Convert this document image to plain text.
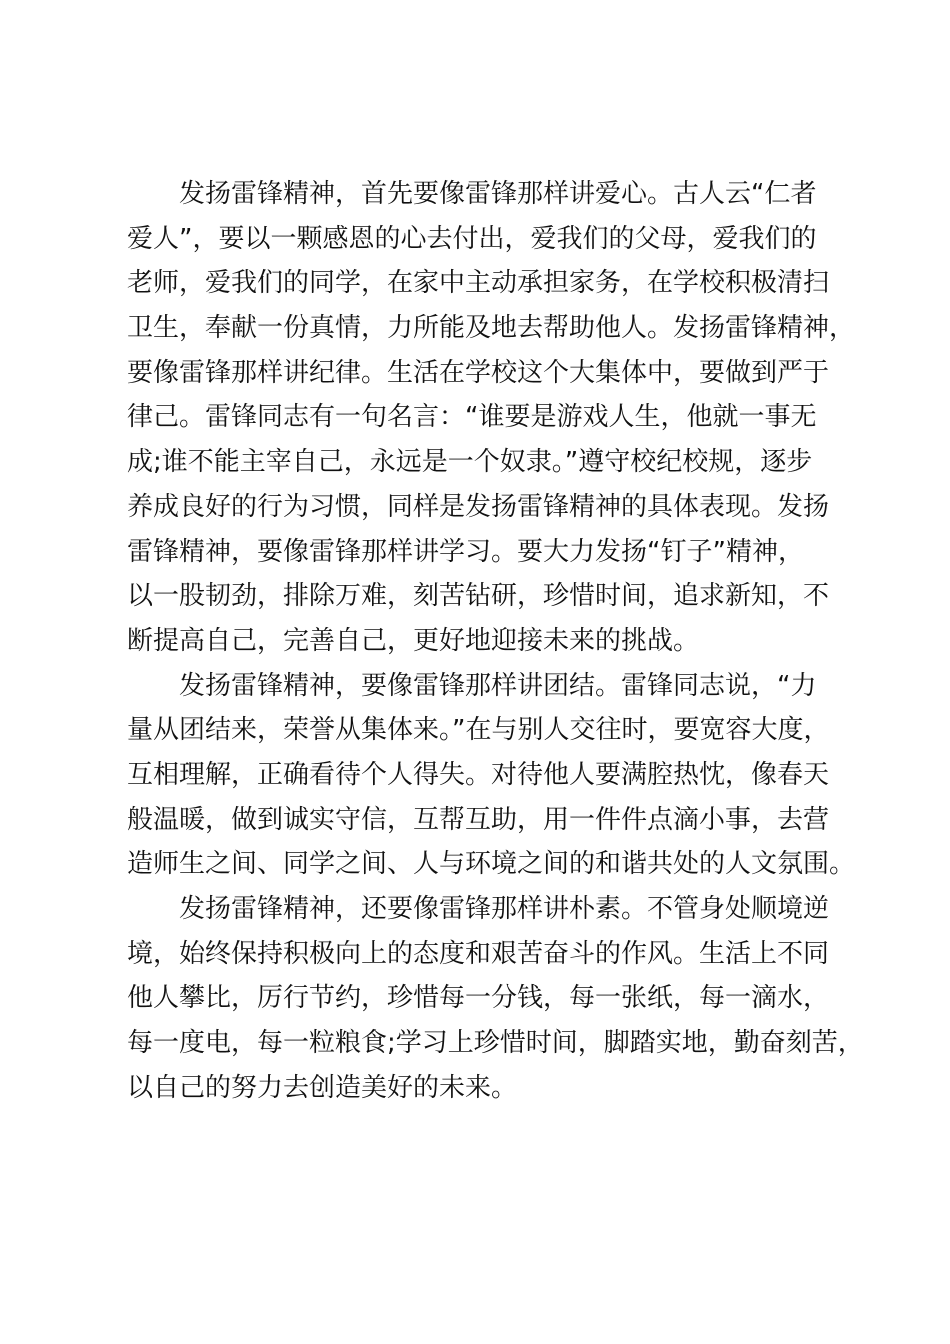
发扬雷锋精神，首先要像雷锋那样讲爱心。古人云“仁者
爱人”，要以一颗感恩的心去付出，爱我们的父母，爱我们的
老师，爱我们的同学，在家中主动承担家务，在学校积极清扫
卫生，奉献一份真情，力所能及地去帮助他人。发扬雷锋精神，
要像雷锋那样讲纪律。生活在学校这个大集体中，要做到严于
律己。雷锋同志有一句名言：“谁要是游戏人生，他就一事无
成;谁不能主宰自己，永远是一个奴隶。”遵守校纪校规，逐步
养成良好的行为习惯，同样是发扬雷锋精神的具体表现。发扬
雷锋精神，要像雷锋那样讲学习。要大力发扬“钉子”精神，
以一股韧劲，排除万难，刻苦钻研，珍惜时间，追求新知，不
断提高自己，完善自己，更好地迎接未来的挑战。

发扬雷锋精神，要像雷锋那样讲团结。雷锋同志说，“力
量从团结来，荣誉从集体来。”在与别人交往时，要宽容大度，
互相理解，正确看待个人得失。对待他人要满腔热忱，像春天
般温暖，做到诚实守信，互帮互助，用一件件点滴小事，去营
造师生之间、同学之间、人与环境之间的和谐共处的人文氛围。

发扬雷锋精神，还要像雷锋那样讲朴素。不管身处顺境逆
境，始终保持积极向上的态度和艰苦奋斗的作风。生活上不同
他人攀比，厉行节约，珍惜每一分钱，每一张纸，每一滴水，
每一度电，每一粒粮食;学习上珍惜时间，脚踏实地，勤奋刻苦，
以自己的努力去创造美好的未来。
